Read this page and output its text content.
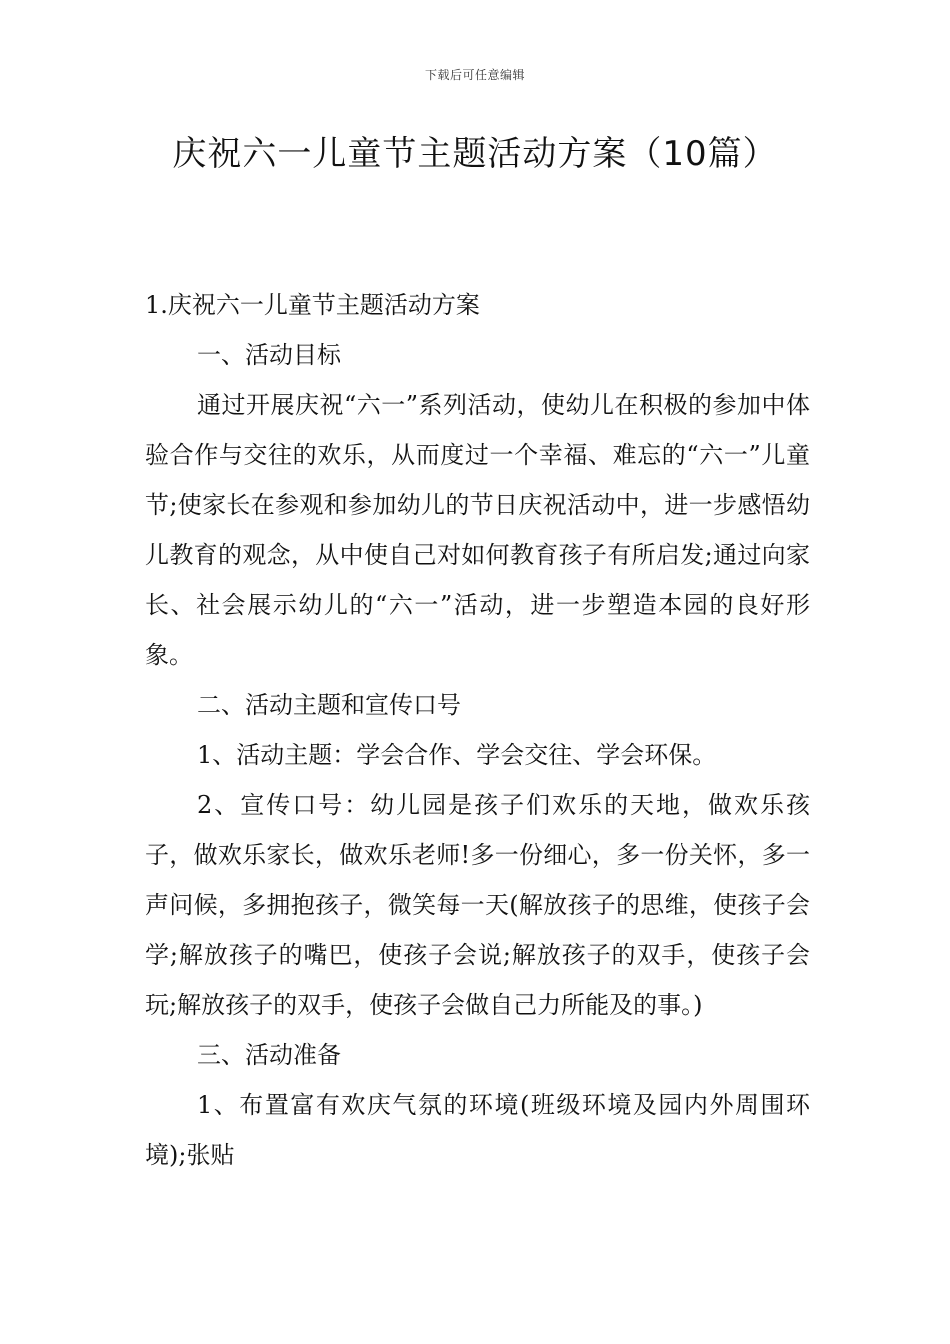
下载后可任意编辑
庆祝六一儿童节主题活动方案（10篇）

1.庆祝六一儿童节主题活动方案

一、活动目标

通过开展庆祝“六一”系列活动，使幼儿在积极的参加中体验合作与交往的欢乐，从而度过一个幸福、难忘的“六一”儿童节;使家长在参观和参加幼儿的节日庆祝活动中，进一步感悟幼儿教育的观念，从中使自己对如何教育孩子有所启发;通过向家长、社会展示幼儿的“六一”活动，进一步塑造本园的良好形象。

二、活动主题和宣传口号

1、活动主题：学会合作、学会交往、学会环保。

2、宣传口号：幼儿园是孩子们欢乐的天地，做欢乐孩子，做欢乐家长，做欢乐老师!多一份细心，多一份关怀，多一声问候，多拥抱孩子，微笑每一天(解放孩子的思维，使孩子会学;解放孩子的嘴巴，使孩子会说;解放孩子的双手，使孩子会玩;解放孩子的双手，使孩子会做自己力所能及的事。)

三、活动准备

1、布置富有欢庆气氛的环境(班级环境及园内外周围环境);张贴
